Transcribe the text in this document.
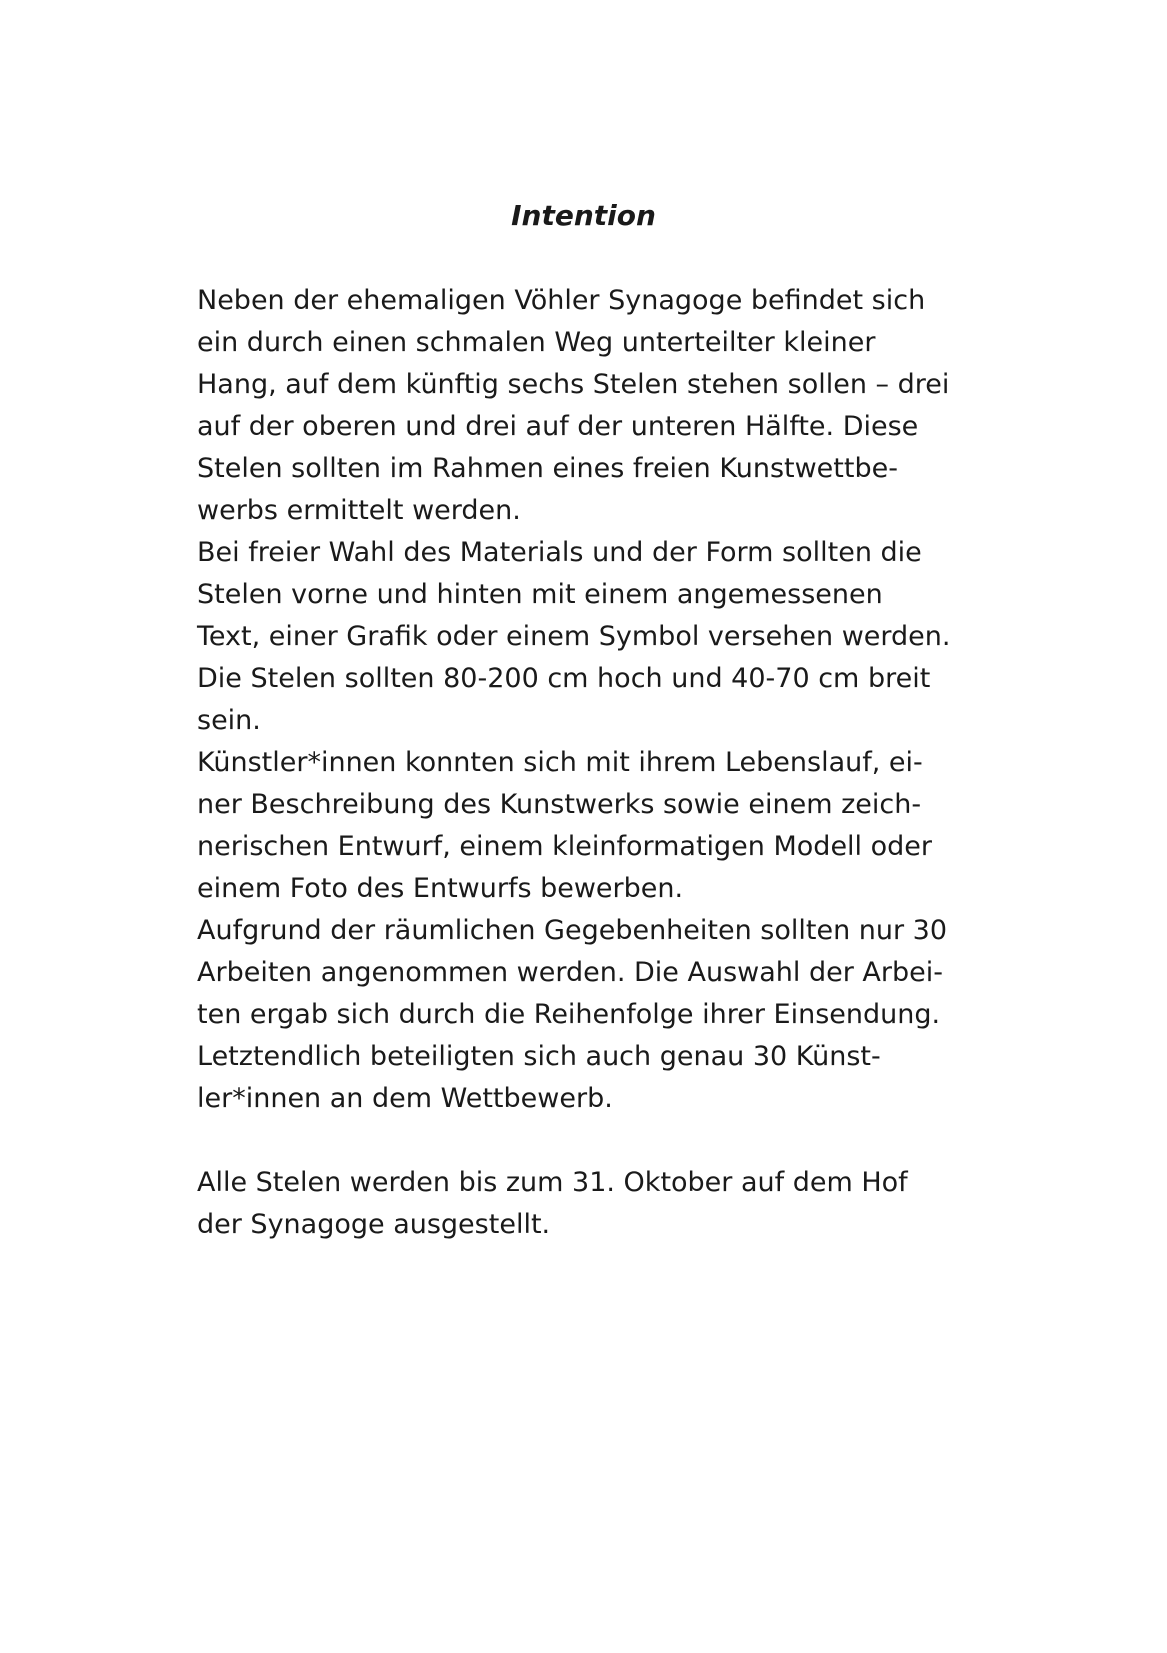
Intention
Neben der ehemaligen Vöhler Synagoge befindet sich
ein durch einen schmalen Weg unterteilter kleiner
Hang, auf dem künftig sechs Stelen stehen sollen – drei
auf der oberen und drei auf der unteren Hälfte. Diese
Stelen sollten im Rahmen eines freien Kunstwettbe-
werbs ermittelt werden.
Bei freier Wahl des Materials und der Form sollten die
Stelen vorne und hinten mit einem angemessenen
Text, einer Grafik oder einem Symbol versehen werden.
Die Stelen sollten 80-200 cm hoch und 40-70 cm breit
sein.
Künstler*innen konnten sich mit ihrem Lebenslauf, ei-
ner Beschreibung des Kunstwerks sowie einem zeich-
nerischen Entwurf, einem kleinformatigen Modell oder
einem Foto des Entwurfs bewerben.
Aufgrund der räumlichen Gegebenheiten sollten nur 30
Arbeiten angenommen werden. Die Auswahl der Arbei-
ten ergab sich durch die Reihenfolge ihrer Einsendung.
Letztendlich beteiligten sich auch genau 30 Künst-
ler*innen an dem Wettbewerb.
Alle Stelen werden bis zum 31. Oktober auf dem Hof
der Synagoge ausgestellt.
